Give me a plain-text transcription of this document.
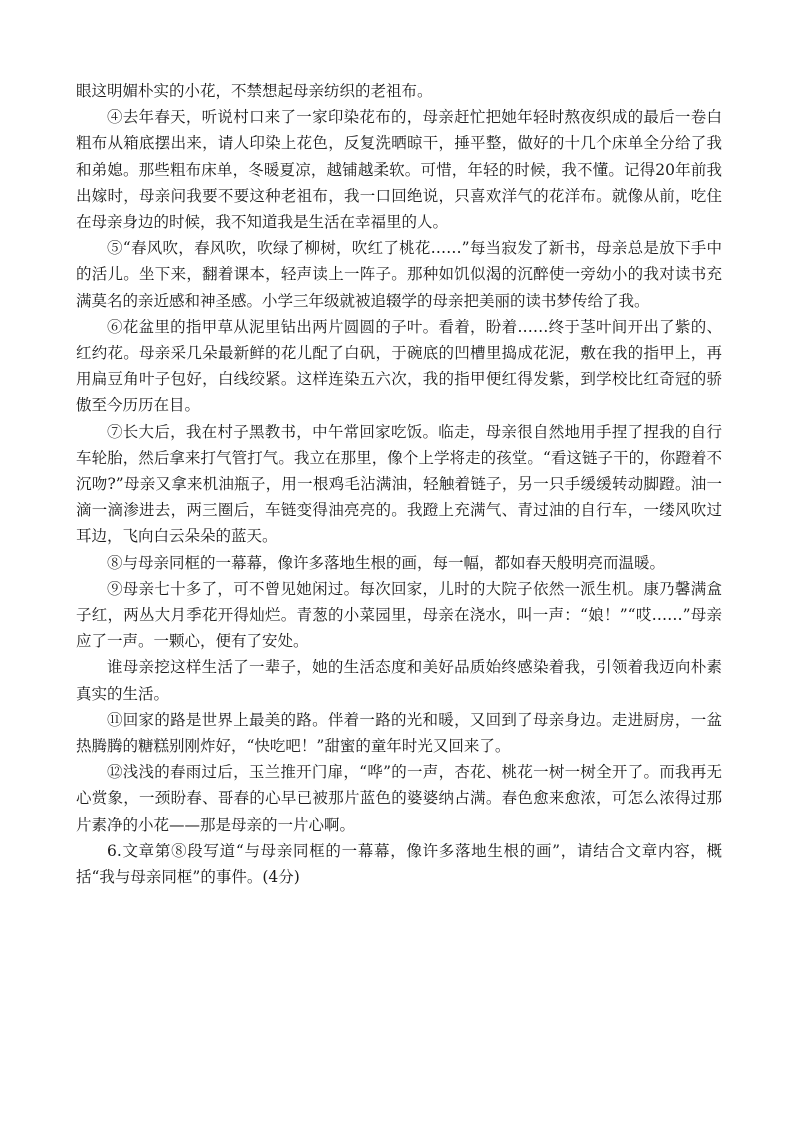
眼这明媚朴实的小花，不禁想起母亲纺织的老祖布。

④去年春天，听说村口来了一家印染花布的，母亲赶忙把她年轻时熬夜织成的最后一卷白粗布从箱底摆出来，请人印染上花色，反复洗晒晾干，捶平整，做好的十几个床单全分给了我和弟媳。那些粗布床单，冬暖夏凉，越铺越柔软。可惜，年轻的时候，我不懂。记得20年前我出嫁时，母亲问我要不要这种老祖布，我一口回绝说，只喜欢洋气的花洋布。就像从前，吃住在母亲身边的时候，我不知道我是生活在幸福里的人。

⑤“春风吹，春风吹，吹绿了柳树，吹红了桃花……”每当寂发了新书，母亲总是放下手中的活儿。坐下来，翻着课本，轻声读上一阵子。那种如饥似渴的沉醉使一旁幼小的我对读书充满莫名的亲近感和神圣感。小学三年级就被追辍学的母亲把美丽的读书梦传给了我。

⑥花盆里的指甲草从泥里钻出两片圆圆的子叶。看着，盼着……终于茎叶间开出了紫的、红约花。母亲采几朵最新鲜的花儿配了白矾，于碗底的凹槽里捣成花泥，敷在我的指甲上，再用扁豆角叶子包好，白线绞紧。这样连染五六次，我的指甲便红得发紫，到学校比红奇冠的骄傲至今历历在目。

⑦长大后，我在村子黑教书，中午常回家吃饭。临走，母亲很自然地用手捏了捏我的自行车轮胎，然后拿来打气管打气。我立在那里，像个上学将走的孩堂。“看这链子干的，你蹬着不沉吻?”母亲又拿来机油瓶子，用一根鸡毛沾满油，轻触着链子，另一只手缓缓转动脚蹬。油一滴一滴渗进去，两三圈后，车链变得油亮亮的。我蹬上充满气、青过油的自行车，一缕风吹过耳边，飞向白云朵朵的蓝天。

⑧与母亲同框的一幕幕，像许多落地生根的画，每一幅，都如春天般明亮而温暖。

⑨母亲七十多了，可不曾见她闲过。每次回家，儿时的大院子依然一派生机。康乃馨满盒子红，两丛大月季花开得灿烂。青葱的小菜园里，母亲在浇水，叫一声：“娘！”“哎……”母亲应了一声。一颗心，便有了安处。

谁母亲挖这样生活了一辈子，她的生活态度和美好品质始终感染着我，引领着我迈向朴素真实的生活。

⑪回家的路是世界上最美的路。伴着一路的光和暖，又回到了母亲身边。走进厨房，一盆热腾腾的糖糕别刚炸好，“快吃吧！”甜蜜的童年时光又回来了。

⑫浅浅的春雨过后，玉兰推开门扉，“哗”的一声，杏花、桃花一树一树全开了。而我再无心赏象，一颈盼春、哥春的心早已被那片蓝色的婆婆纳占满。春色愈来愈浓，可怎么浓得过那片素净的小花——那是母亲的一片心啊。

6.文章第⑧段写道“与母亲同框的一幕幕，像许多落地生根的画”，请结合文章内容，概括“我与母亲同框”的事件。(4分)
